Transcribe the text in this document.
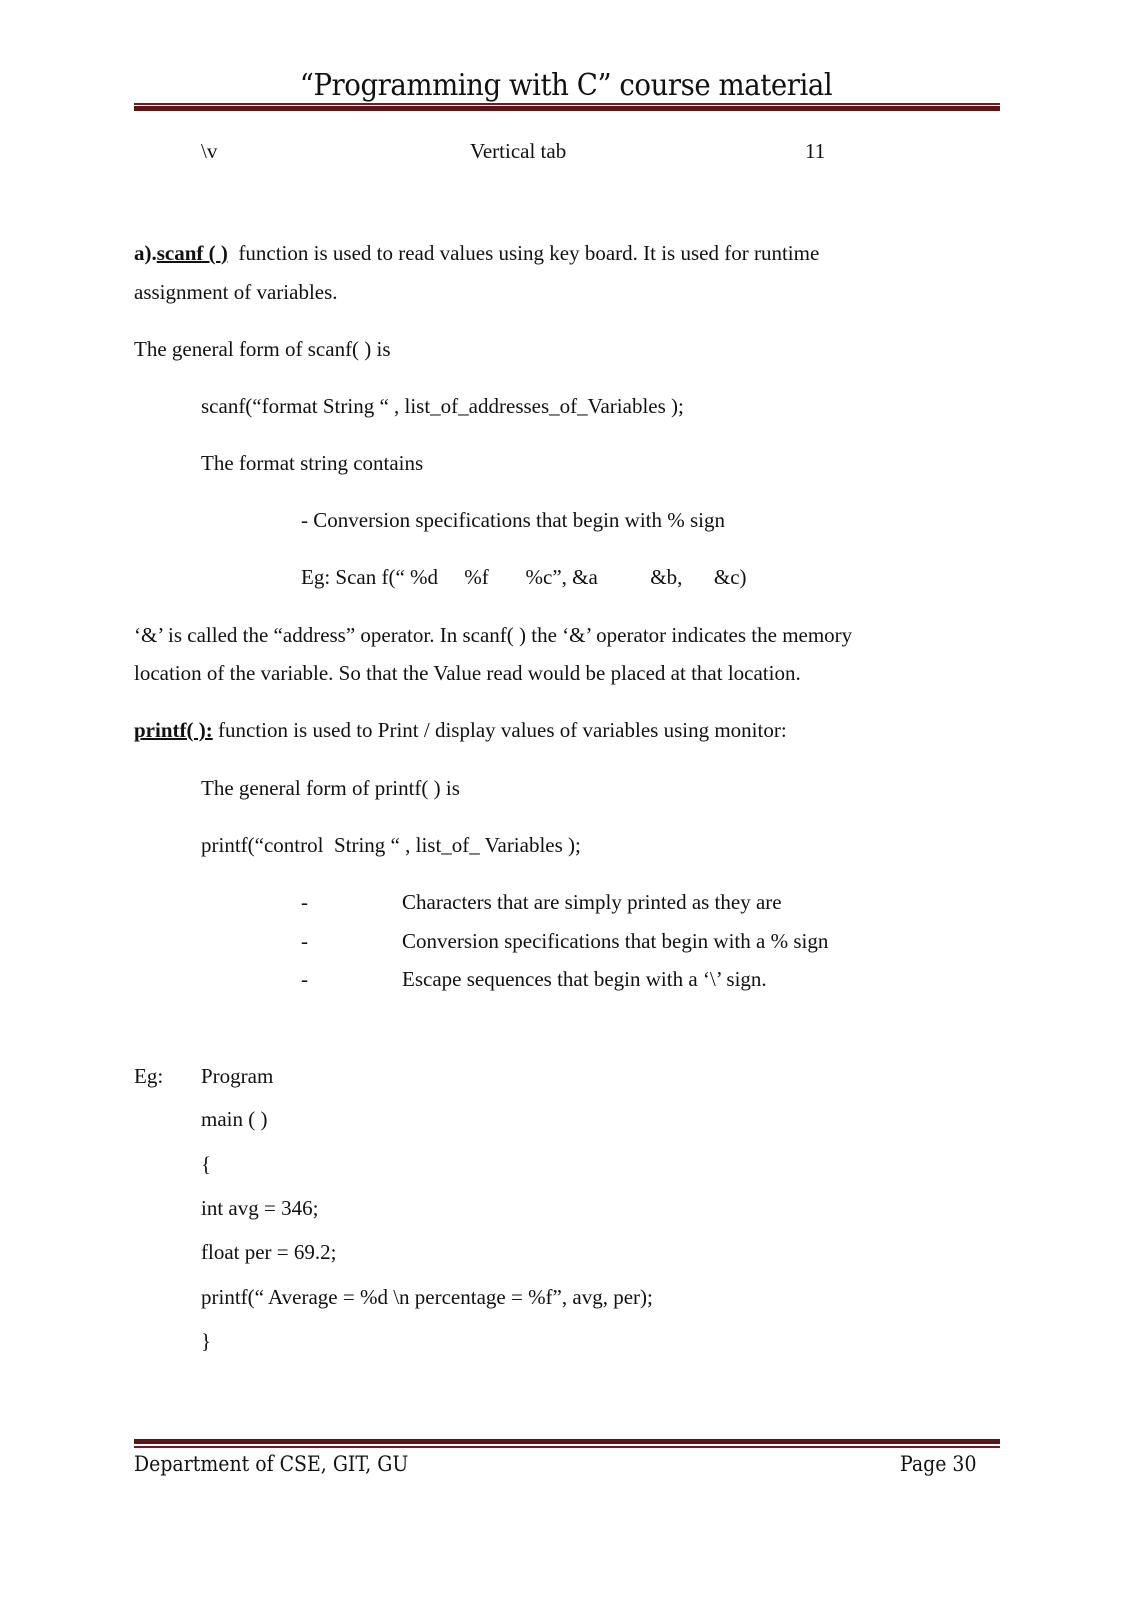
“Programming with C” course material
\v	Vertical tab	11
a).scanf ( )  function is used to read values using key board. It is used for runtime
assignment of variables.
The general form of scanf( ) is
scanf(“format String “ , list_of_addresses_of_Variables );
The format string contains
- Conversion specifications that begin with % sign
Eg: Scan f(“ %d     %f       %c”, &a          &b,      &c)
‘&’ is called the “address” operator. In scanf( ) the ‘&’ operator indicates the memory
location of the variable. So that the Value read would be placed at that location.
printf( ): function is used to Print / display values of variables using monitor:
The general form of printf( ) is
printf(“control  String “ , list_of_ Variables );
-	Characters that are simply printed as they are
-	Conversion specifications that begin with a % sign
-	Escape sequences that begin with a ‘\’ sign.
Eg: Program
main ( )
{
int avg = 346;
float per = 69.2;
printf(“ Average = %d \n percentage = %f”, avg, per);
}
Department of CSE, GIT, GU	Page 30
